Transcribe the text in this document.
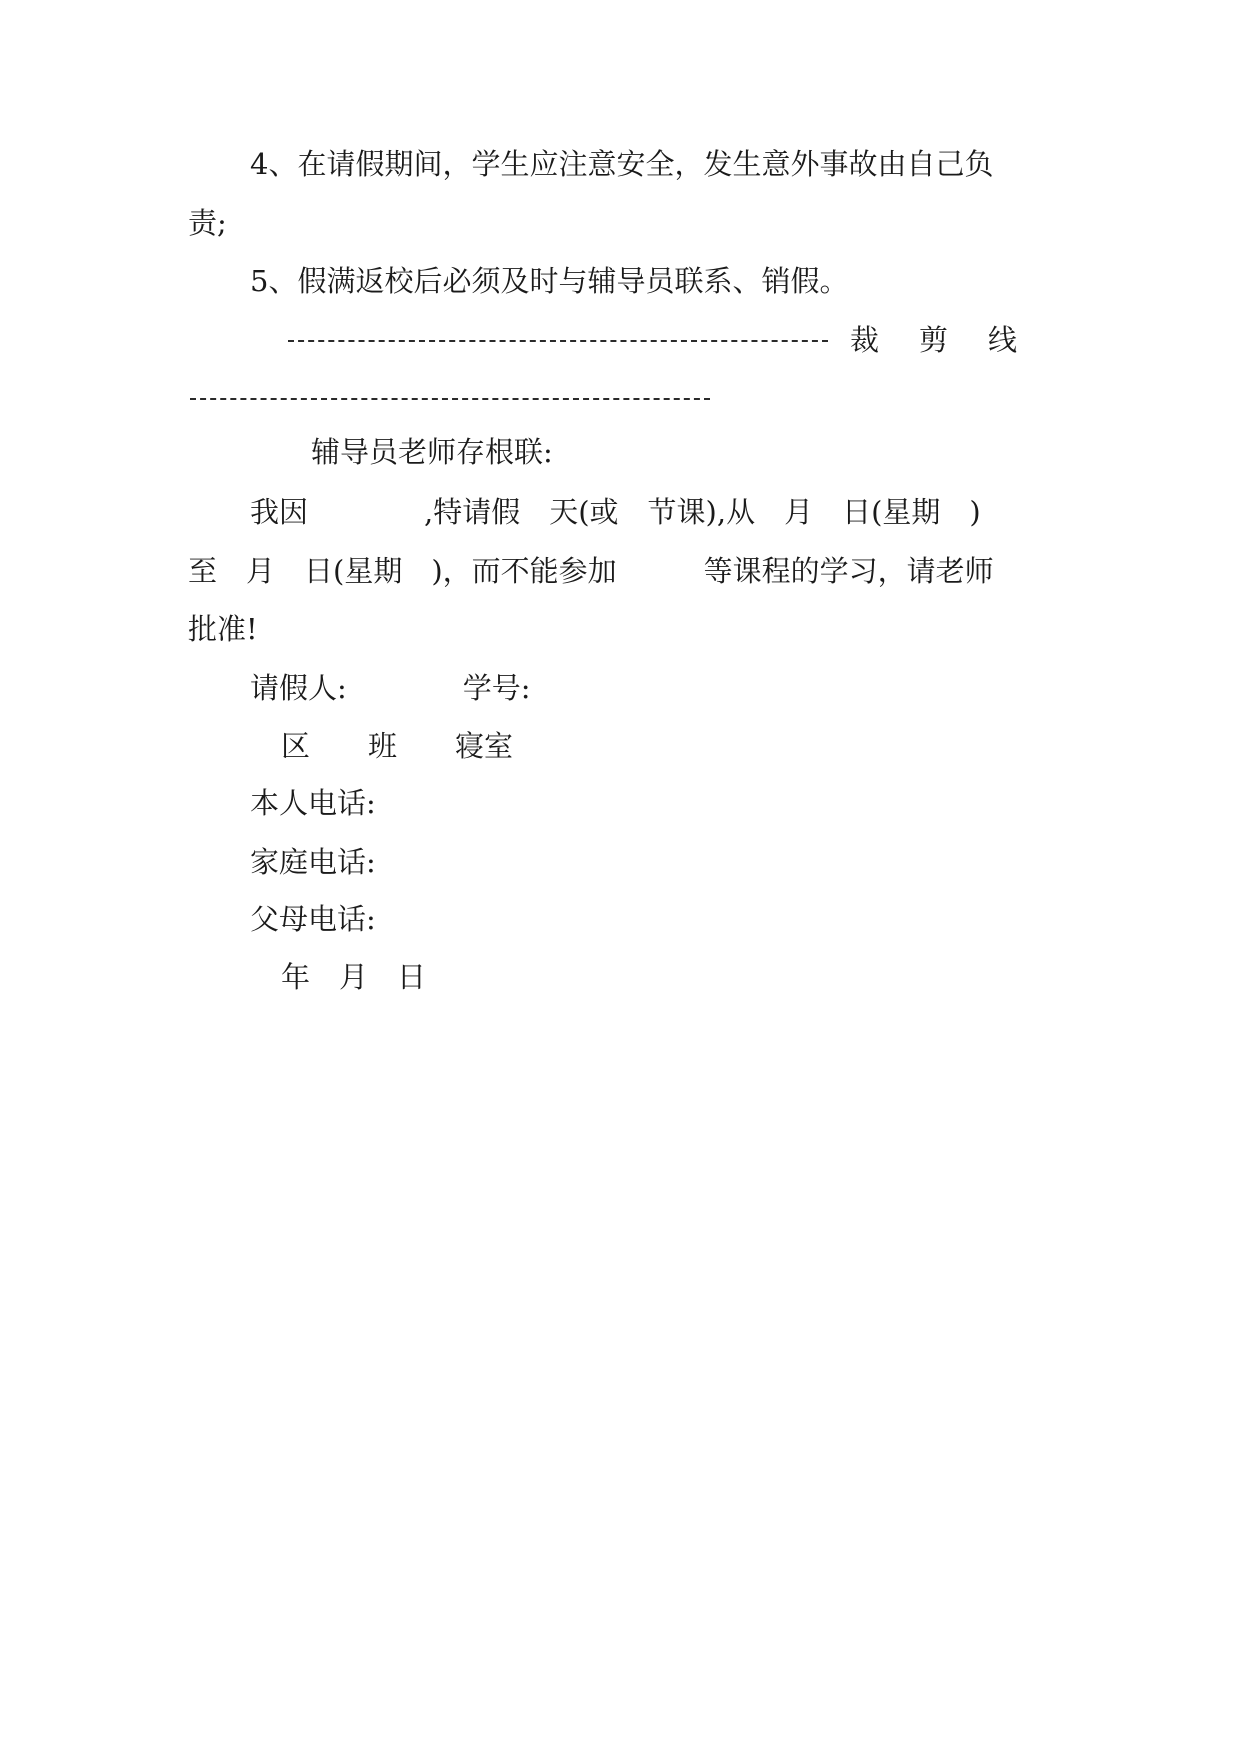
4、在请假期间，学生应注意安全，发生意外事故由自己负

责;

5、假满返校后必须及时与辅导员联系、销假。

裁剪线

辅导员老师存根联:

我因　　　　,特请假　天(或　节课),从　月　日(星期　)

至　月　日(星期　)，而不能参加　　　等课程的学习，请老师

批准!

请假人:　　　　学号:

区　　班　　寝室

本人电话:

家庭电话:

父母电话:

年　月　日
